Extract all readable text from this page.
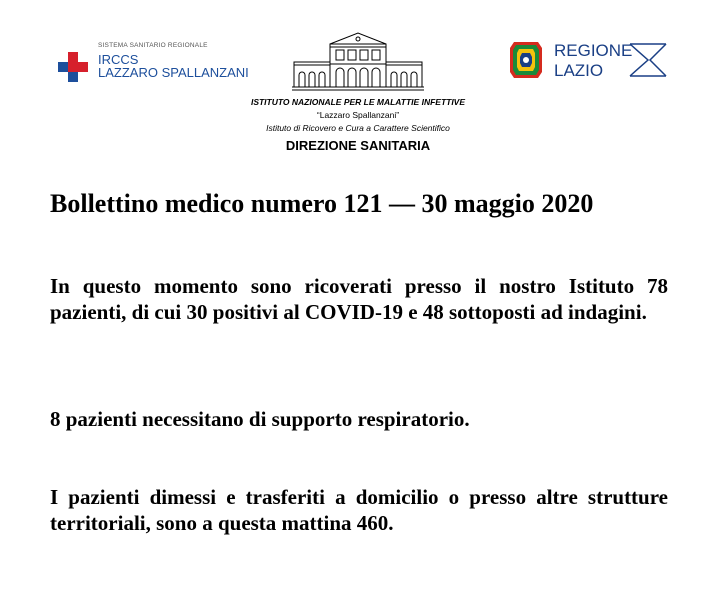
SISTEMA SANITARIO REGIONALE
IRCCS
LAZZARO SPALLANZANI
ISTITUTO NAZIONALE PER LE MALATTIE INFETTIVE
“Lazzaro Spallanzani”
Istituto di Ricovero e Cura a Carattere Scientifico
DIREZIONE SANITARIA
REGIONE
LAZIO
Bollettino medico numero 121 — 30 maggio 2020
In questo momento sono ricoverati presso il nostro Istituto 78 pazienti, di cui 30 positivi al COVID-19 e 48 sottoposti ad indagini.
8 pazienti necessitano di supporto respiratorio.
I pazienti dimessi e trasferiti a domicilio o presso altre strutture territoriali, sono a questa mattina 460.
